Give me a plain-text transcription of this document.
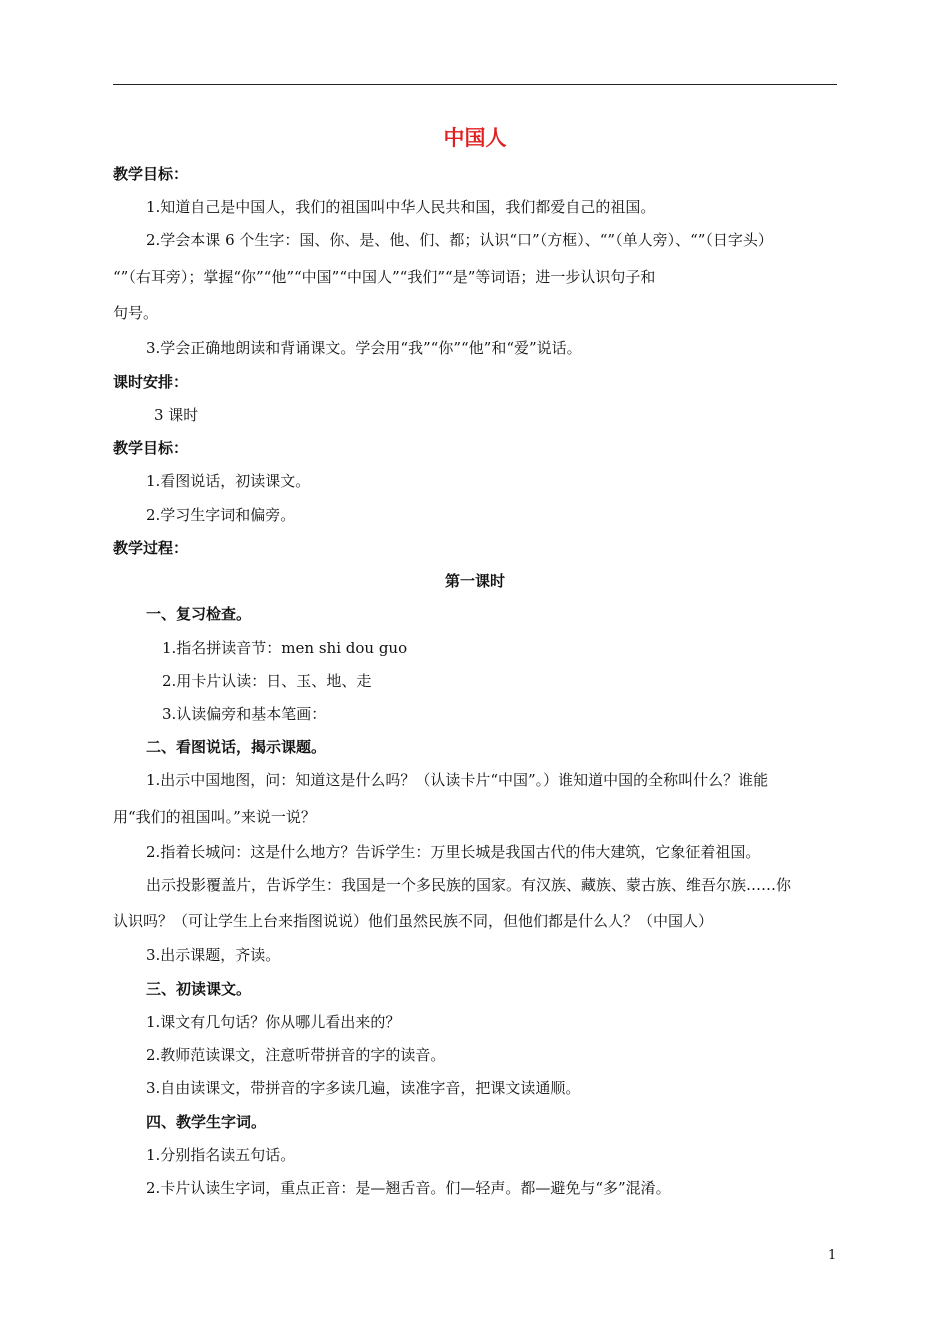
中国人
教学目标：
1.知道自己是中国人，我们的祖国叫中华人民共和国，我们都爱自己的祖国。
2.学会本课 6 个生字：国、你、是、他、们、都；认识“口”（方框）、“”（单人旁）、“”（日字头）
“”（右耳旁）；掌握“你”“他”“中国”“中国人”“我们”“是”等词语；进一步认识句子和
句号。
3.学会正确地朗读和背诵课文。学会用“我”“你”“他”和“爱”说话。
课时安排：
3 课时
教学目标：
1.看图说话，初读课文。
2.学习生字词和偏旁。
教学过程：
第一课时
一、复习检查。
1.指名拼读音节：men shi dou guo
2.用卡片认读：日、玉、地、走
3.认读偏旁和基本笔画：
二、看图说话，揭示课题。
1.出示中国地图，问：知道这是什么吗？（认读卡片“中国”。）谁知道中国的全称叫什么？谁能
用“我们的祖国叫。”来说一说？
2.指着长城问：这是什么地方？告诉学生：万里长城是我国古代的伟大建筑，它象征着祖国。
出示投影覆盖片，告诉学生：我国是一个多民族的国家。有汉族、藏族、蒙古族、维吾尔族……你
认识吗？（可让学生上台来指图说说）他们虽然民族不同，但他们都是什么人？（中国人）
3.出示课题，齐读。
三、初读课文。
1.课文有几句话？你从哪儿看出来的？
2.教师范读课文，注意听带拼音的字的读音。
3.自由读课文，带拼音的字多读几遍，读准字音，把课文读通顺。
四、教学生字词。
1.分别指名读五句话。
2.卡片认读生字词，重点正音：是—翘舌音。们—轻声。都—避免与“多”混淆。
1
